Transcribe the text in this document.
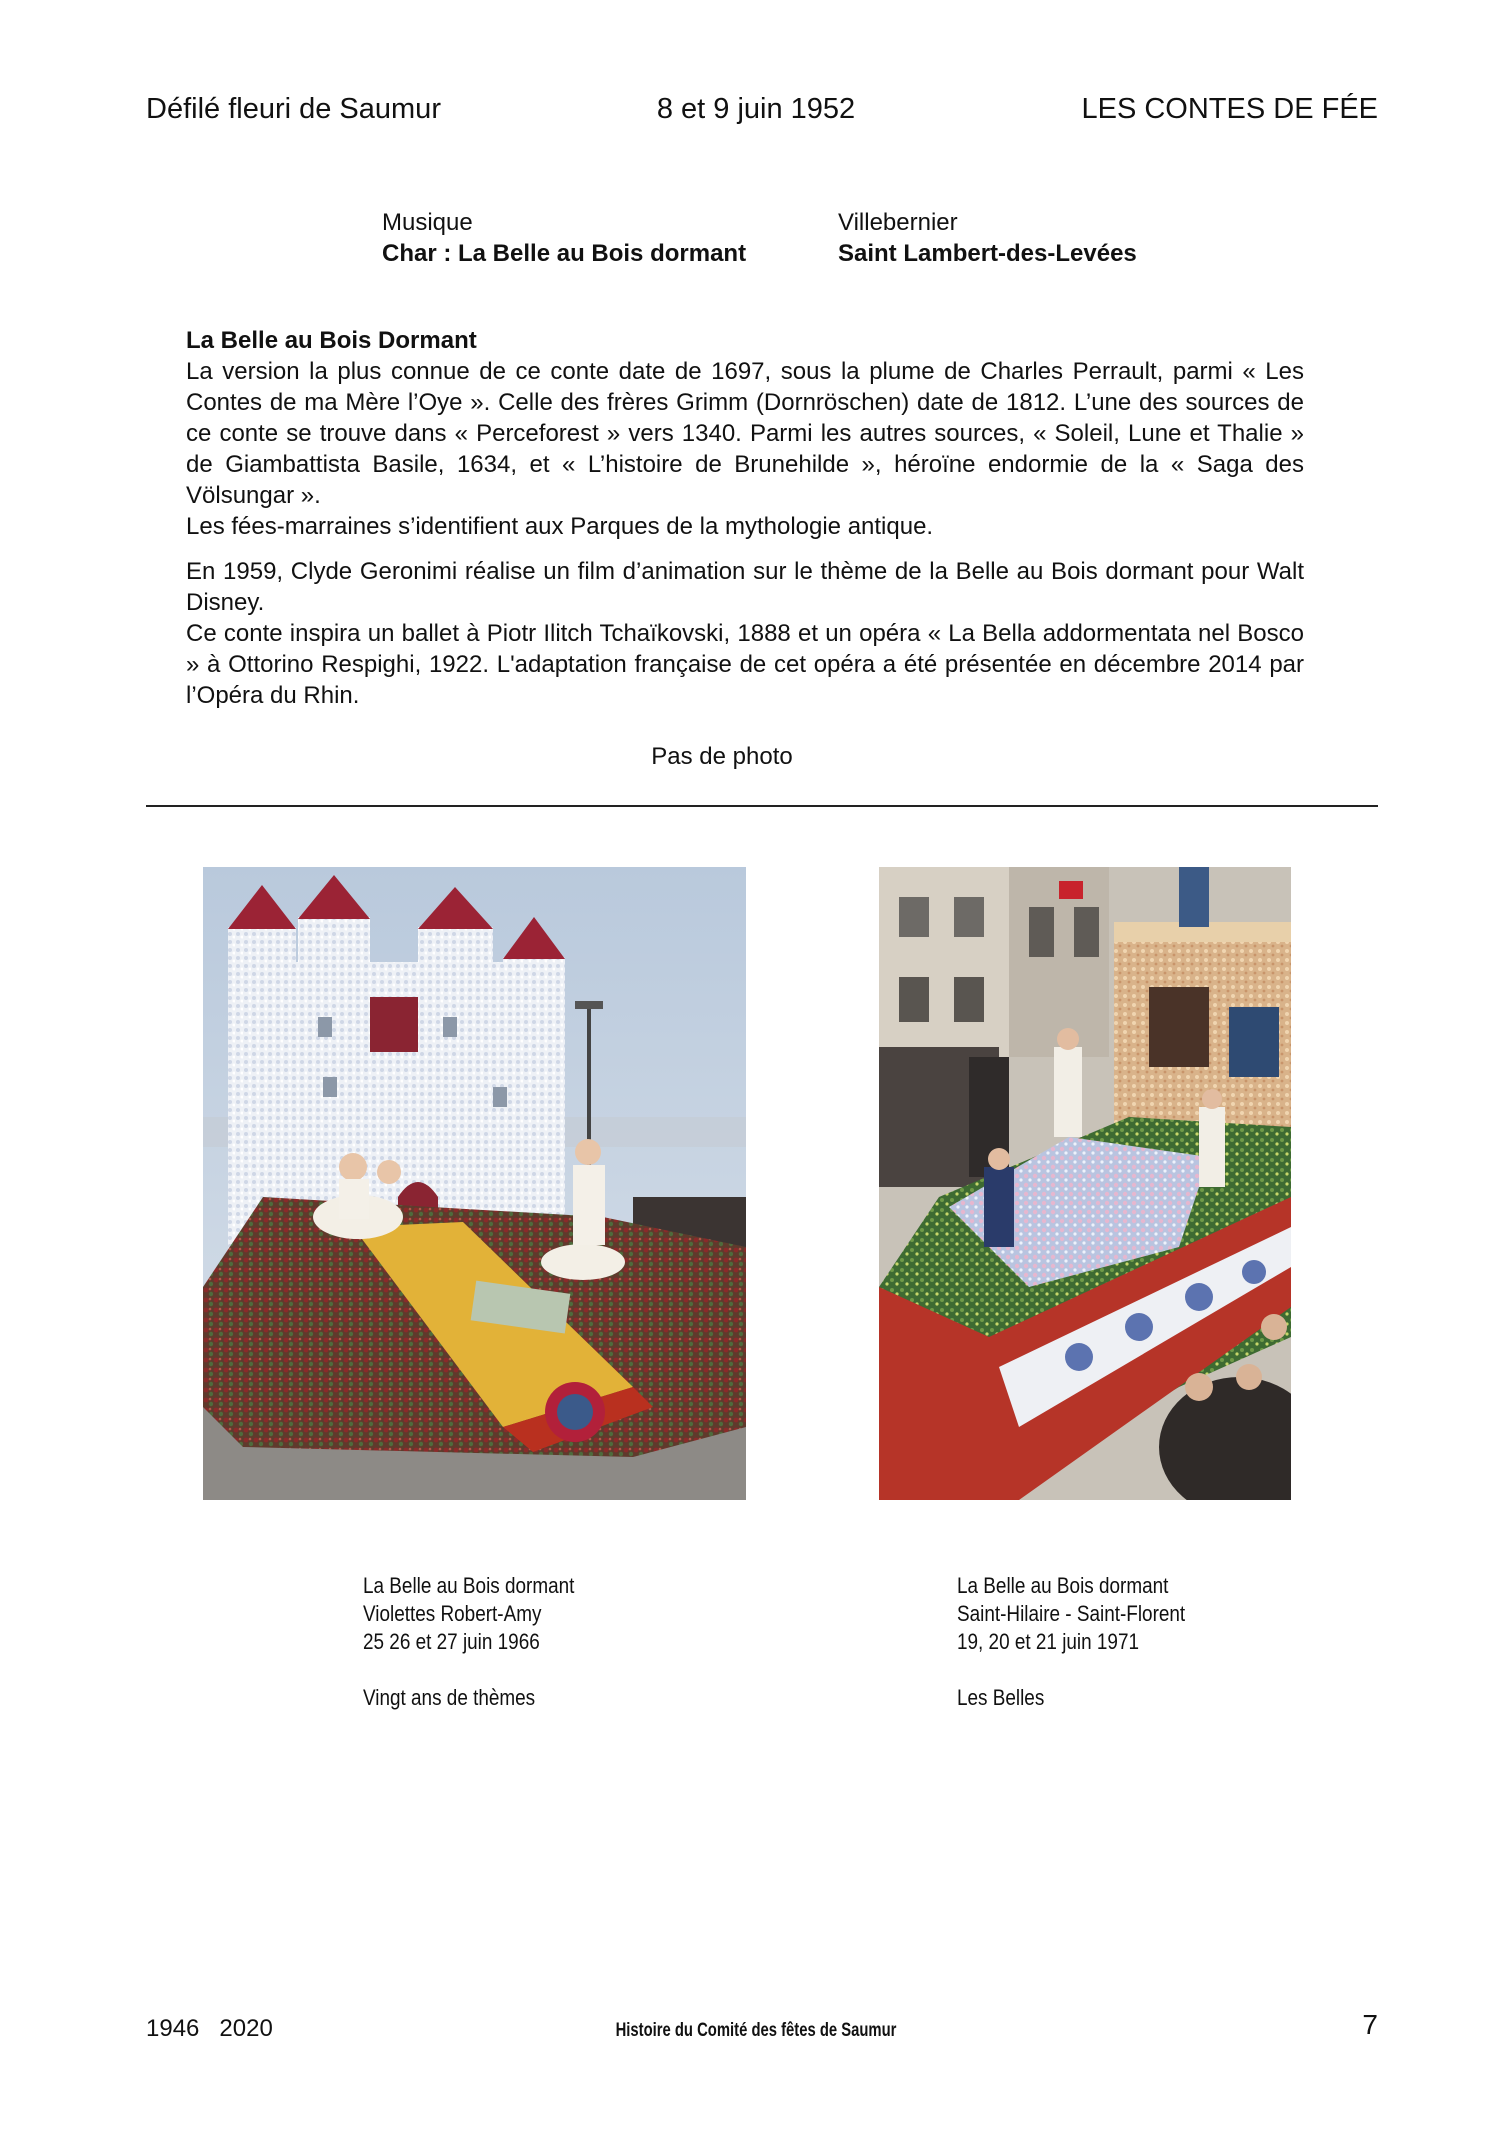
Défilé fleuri de Saumur	8 et 9 juin 1952	LES CONTES DE FÉE
Musique
Char : La Belle au Bois dormant
Villebernier
Saint Lambert-des-Levées

La Belle au Bois Dormant

La version la plus connue de ce conte date de 1697, sous la plume de Charles Perrault, parmi « Les Contes de ma Mère l’Oye ». Celle des frères Grimm (Dornröschen) date de 1812. L’une des sources de ce conte se trouve dans « Perceforest » vers 1340. Parmi les autres sources, « Soleil, Lune et Thalie » de Giambattista Basile, 1634, et « L’histoire de Brunehilde », héroïne endormie de la « Saga des Völsungar ».

Les fées-marraines s’identifient aux Parques de la mythologie antique.

En 1959, Clyde Geronimi réalise un film d’animation sur le thème de la Belle au Bois dormant pour Walt Disney.

Ce conte inspira un ballet à Piotr Ilitch Tchaïkovski, 1888 et un opéra « La Bella addormentata nel Bosco » à Ottorino Respighi, 1922. L'adaptation française de cet opéra a été présentée en décembre 2014 par l’Opéra du Rhin.

Pas de photo
La Belle au Bois dormant
Violettes Robert-Amy
25 26 et 27 juin 1966
Vingt ans de thèmes
La Belle au Bois dormant
Saint-Hilaire - Saint-Florent
19, 20 et 21 juin 1971
Les Belles
1946 2020	Histoire du Comité des fêtes de Saumur	7
